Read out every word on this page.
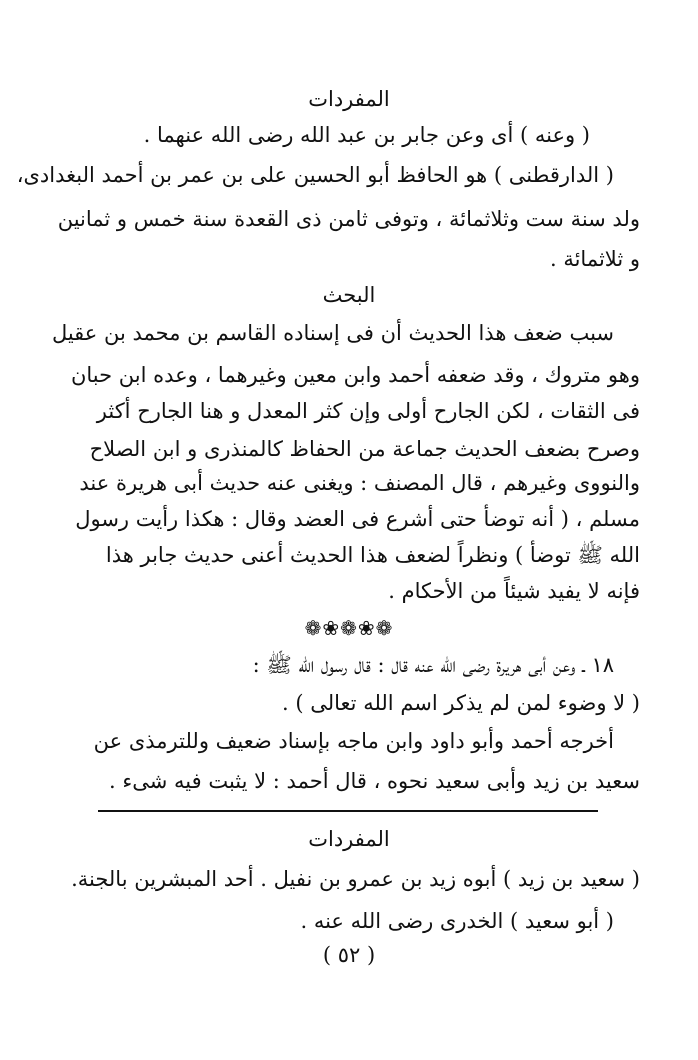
المفردات
( وعنه ) أى وعن جابر بن عبد الله رضى الله عنهما .
( الدارقطنى ) هو الحافظ أبو الحسين على بن عمر بن أحمد البغدادى،
ولد سنة ست وثلاثمائة ، وتوفى ثامن ذى القعدة سنة خمس و ثمانين
و ثلاثمائة .
البحث
سبب ضعف هذا الحديث أن فى إسناده القاسم بن محمد بن عقيل
وهو متروك ، وقد ضعفه أحمد وابن معين وغيرهما ، وعده ابن حبان
فى الثقات ، لكن الجارح أولى وإن كثر المعدل و هنا الجارح أكثر
وصرح بضعف الحديث جماعة من الحفاظ كالمنذرى و ابن الصلاح
والنووى وغيرهم ، قال المصنف : ويغنى عنه حديث أبى هريرة عند
مسلم ، ( أنه توضأ حتى أشرع فى العضد وقال : هكذا رأيت رسول
الله ﷺ توضأ ) ونظراً لضعف هذا الحديث أعنى حديث جابر هذا
فإنه لا يفيد شيئاً من الأحكام .
❁❀❁❀❁
١٨ ـ وعن أبى هريرة رضى الله عنه قال : قال رسول الله ﷺ :
( لا وضوء لمن لم يذكر اسم الله تعالى ) .
أخرجه أحمد وأبو داود وابن ماجه بإسناد ضعيف وللترمذى عن
سعيد بن زيد وأبى سعيد نحوه ، قال أحمد : لا يثبت فيه شىء .
المفردات
( سعيد بن زيد ) أبوه زيد بن عمرو بن نفيل . أحد المبشرين بالجنة.
( أبو سعيد ) الخدرى رضى الله عنه .
( ٥٢ )
